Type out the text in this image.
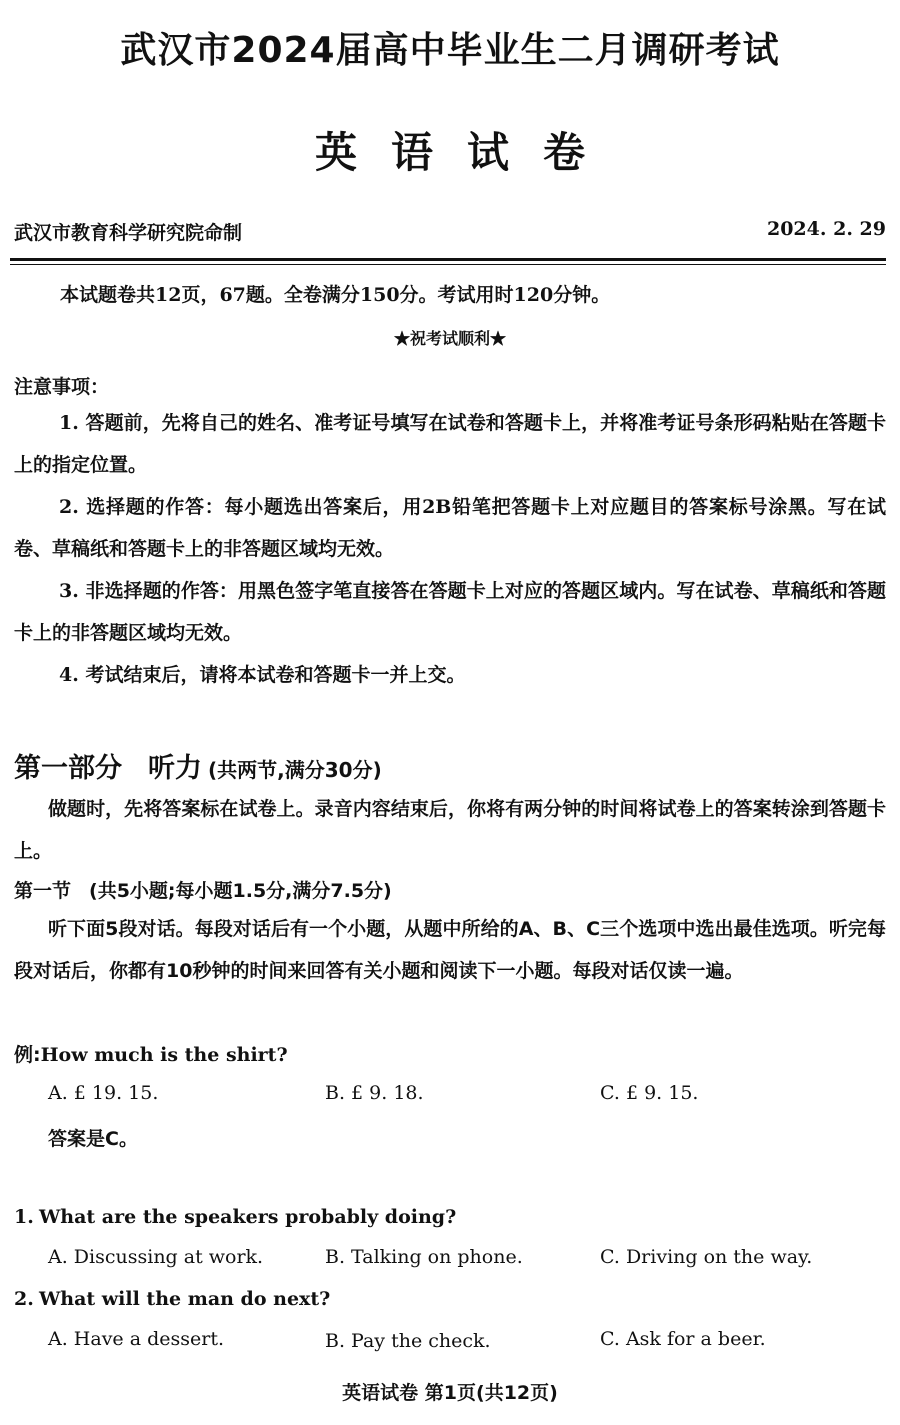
武汉市2024届高中毕业生二月调研考试
英语试卷
武汉市教育科学研究院命制	2024. 2. 29
本试题卷共12页，67题。全卷满分150分。考试用时120分钟。
★祝考试顺利★
注意事项：
1. 答题前，先将自己的姓名、准考证号填写在试卷和答题卡上，并将准考证号条形码粘贴在答题卡上的指定位置。
2. 选择题的作答：每小题选出答案后，用2B铅笔把答题卡上对应题目的答案标号涂黑。写在试卷、草稿纸和答题卡上的非答题区域均无效。
3. 非选择题的作答：用黑色签字笔直接答在答题卡上对应的答题区域内。写在试卷、草稿纸和答题卡上的非答题区域均无效。
4. 考试结束后，请将本试卷和答题卡一并上交。
第一部分 听力 (共两节,满分30分)
做题时，先将答案标在试卷上。录音内容结束后，你将有两分钟的时间将试卷上的答案转涂到答题卡上。
第一节 (共5小题;每小题1.5分,满分7.5分)
听下面5段对话。每段对话后有一个小题，从题中所给的A、B、C三个选项中选出最佳选项。听完每段对话后，你都有10秒钟的时间来回答有关小题和阅读下一小题。每段对话仅读一遍。
例:How much is the shirt?
A. £ 19. 15.	B. £ 9. 18.	C. £ 9. 15.
答案是C。
1. What are the speakers probably doing?
A. Discussing at work.	B. Talking on phone.	C. Driving on the way.
2. What will the man do next?
A. Have a dessert.	B. Pay the check.	C. Ask for a beer.
英语试卷 第1页(共12页)
